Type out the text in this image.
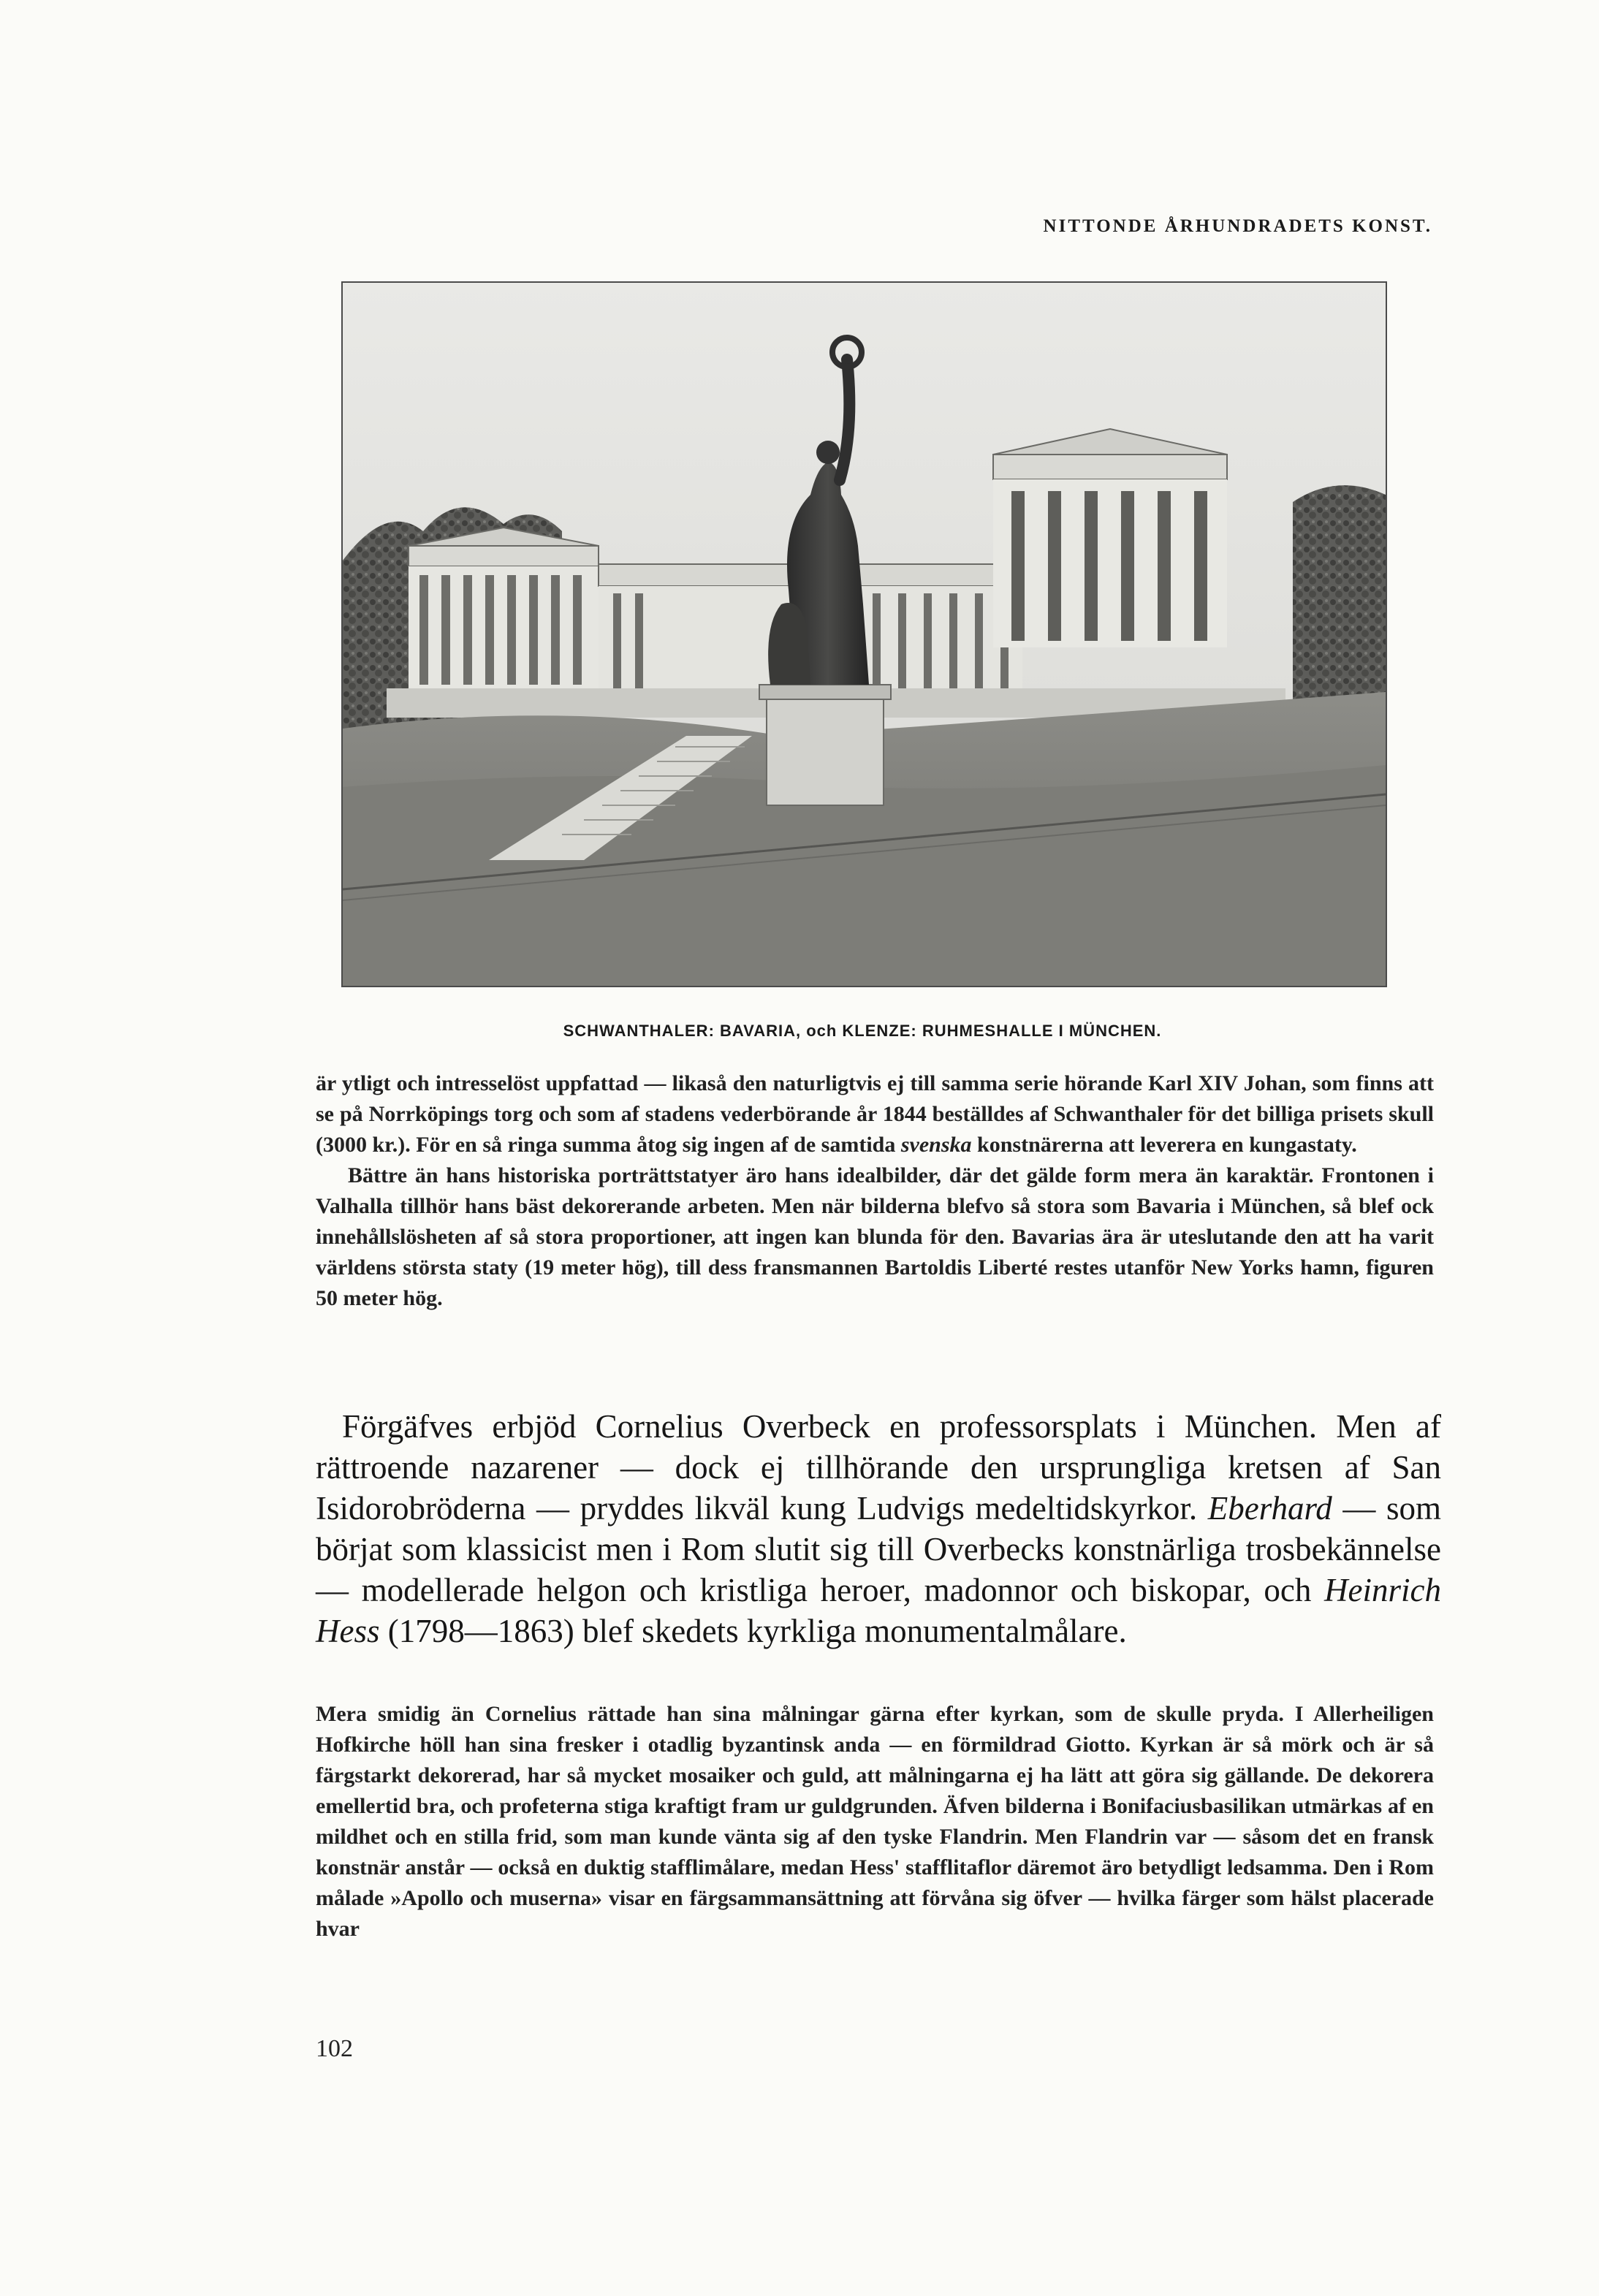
NITTONDE ÅRHUNDRADETS KONST.
SCHWANTHALER: BAVARIA, och KLENZE: RUHMESHALLE I MÜNCHEN.

är ytligt och intresselöst uppfattad — likaså den naturligtvis ej till samma serie hörande Karl XIV Johan, som finns att se på Norrköpings torg och som af stadens vederbörande år 1844 beställdes af Schwanthaler för det billiga prisets skull (3000 kr.). För en så ringa summa åtog sig ingen af de samtida svenska konstnärerna att leverera en kungastaty.

Bättre än hans historiska porträttstatyer äro hans idealbilder, där det gälde form mera än karaktär. Frontonen i Valhalla tillhör hans bäst dekorerande arbeten. Men när bilderna blefvo så stora som Bavaria i München, så blef ock innehållslösheten af så stora proportioner, att ingen kan blunda för den. Bavarias ära är uteslutande den att ha varit världens största staty (19 meter hög), till dess fransmannen Bartoldis Liberté restes utanför New Yorks hamn, figuren 50 meter hög.

Förgäfves erbjöd Cornelius Overbeck en professorsplats i München. Men af rättroende nazarener — dock ej tillhörande den ursprungliga kretsen af San Isidorobröderna — pryddes likväl kung Ludvigs medeltidskyrkor. Eberhard — som börjat som klassicist men i Rom slutit sig till Overbecks konstnärliga trosbekännelse — modellerade helgon och kristliga heroer, madonnor och biskopar, och Heinrich Hess (1798—1863) blef skedets kyrkliga monumentalmålare.

Mera smidig än Cornelius rättade han sina målningar gärna efter kyrkan, som de skulle pryda. I Allerheiligen Hofkirche höll han sina fresker i otadlig byzantinsk anda — en förmildrad Giotto. Kyrkan är så mörk och är så färgstarkt dekorerad, har så mycket mosaiker och guld, att målningarna ej ha lätt att göra sig gällande. De dekorera emellertid bra, och profeterna stiga kraftigt fram ur guldgrunden. Äfven bilderna i Bonifaciusbasilikan utmärkas af en mildhet och en stilla frid, som man kunde vänta sig af den tyske Flandrin. Men Flandrin var — såsom det en fransk konstnär anstår — också en duktig stafflimålare, medan Hess' stafflitaflor däremot äro betydligt ledsamma. Den i Rom målade »Apollo och muserna» visar en färgsammansättning att förvåna sig öfver — hvilka färger som hälst placerade hvar

102
